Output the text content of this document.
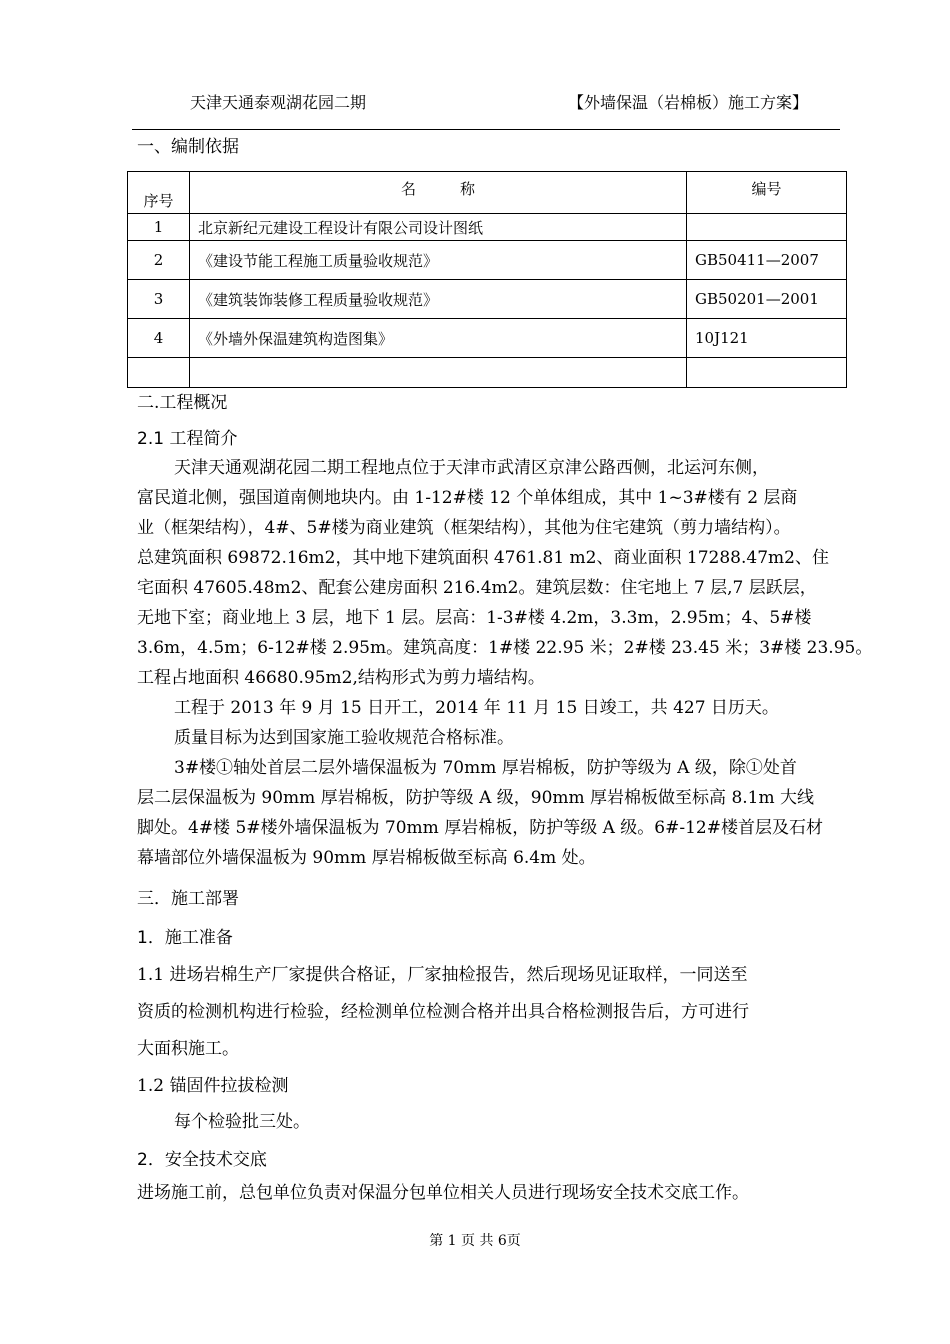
天津天通泰观湖花园二期	【外墙保温（岩棉板）施工方案】
一、编制依据
序号	名 称	编号
1	北京新纪元建设工程设计有限公司设计图纸	
2	《建设节能工程施工质量验收规范》	GB50411—2007
3	《建筑装饰装修工程质量验收规范》	GB50201—2001
4	《外墙外保温建筑构造图集》	10J121

二.工程概况
2.1 工程简介
天津天通观湖花园二期工程地点位于天津市武清区京津公路西侧，北运河东侧，
富民道北侧，强国道南侧地块内。由 1-12#楼 12 个单体组成，其中 1~3#楼有 2 层商
业（框架结构），4#、5#楼为商业建筑（框架结构），其他为住宅建筑（剪力墙结构）。
总建筑面积 69872.16m2，其中地下建筑面积 4761.81 m2、商业面积 17288.47m2、住
宅面积 47605.48m2、配套公建房面积 216.4m2。建筑层数：住宅地上 7 层,7 层跃层，
无地下室；商业地上 3 层，地下 1 层。层高：1-3#楼 4.2m，3.3m，2.95m；4、5#楼
3.6m，4.5m；6-12#楼 2.95m。建筑高度：1#楼 22.95 米；2#楼 23.45 米；3#楼 23.95。
工程占地面积 46680.95m2,结构形式为剪力墙结构。
工程于 2013 年 9 月 15 日开工，2014 年 11 月 15 日竣工，共 427 日历天。
质量目标为达到国家施工验收规范合格标准。
3#楼①轴处首层二层外墙保温板为 70mm 厚岩棉板，防护等级为 A 级，除①处首
层二层保温板为 90mm 厚岩棉板，防护等级 A 级，90mm 厚岩棉板做至标高 8.1m 大线
脚处。4#楼 5#楼外墙保温板为 70mm 厚岩棉板，防护等级 A 级。6#-12#楼首层及石材
幕墙部位外墙保温板为 90mm 厚岩棉板做至标高 6.4m 处。
三．施工部署
1．施工准备
1.1 进场岩棉生产厂家提供合格证，厂家抽检报告，然后现场见证取样，一同送至
资质的检测机构进行检验，经检测单位检测合格并出具合格检测报告后，方可进行
大面积施工。
1.2 锚固件拉拔检测
每个检验批三处。
2．安全技术交底
进场施工前，总包单位负责对保温分包单位相关人员进行现场安全技术交底工作。
第 1 页 共 6页
